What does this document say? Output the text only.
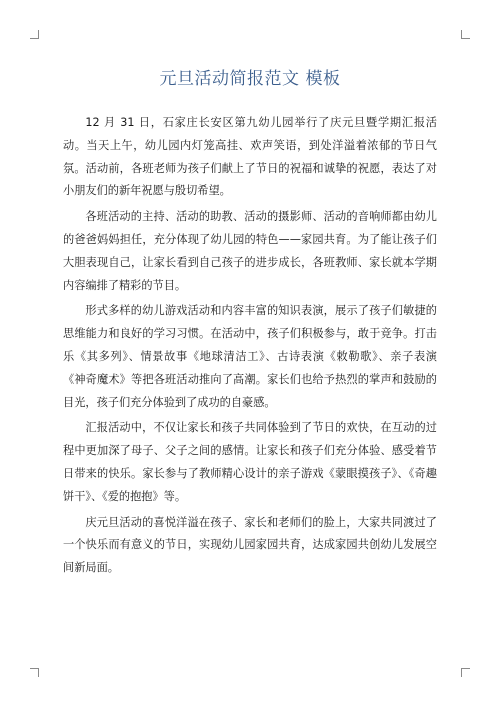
元旦活动简报范文 模板

12 月 31 日，石家庄长安区第九幼儿园举行了庆元旦暨学期汇报活动。当天上午，幼儿园内灯笼高挂、欢声笑语，到处洋溢着浓郁的节日气氛。活动前，各班老师为孩子们献上了节日的祝福和诚挚的祝愿，表达了对小朋友们的新年祝愿与殷切希望。

各班活动的主持、活动的助教、活动的摄影师、活动的音响师都由幼儿的爸爸妈妈担任，充分体现了幼儿园的特色——家园共育。为了能让孩子们大胆表现自己，让家长看到自己孩子的进步成长，各班教师、家长就本学期内容编排了精彩的节目。

形式多样的幼儿游戏活动和内容丰富的知识表演，展示了孩子们敏捷的思维能力和良好的学习习惯。在活动中，孩子们积极参与，敢于竞争。打击乐《其多列》、情景故事《地球清洁工》、古诗表演《敕勒歌》、亲子表演《神奇魔术》等把各班活动推向了高潮。家长们也给予热烈的掌声和鼓励的目光，孩子们充分体验到了成功的自豪感。

汇报活动中，不仅让家长和孩子共同体验到了节日的欢快，在互动的过程中更加深了母子、父子之间的感情。让家长和孩子们充分体验、感受着节日带来的快乐。家长参与了教师精心设计的亲子游戏《蒙眼摸孩子》、《奇趣饼干》、《爱的抱抱》等。

庆元旦活动的喜悦洋溢在孩子、家长和老师们的脸上，大家共同渡过了一个快乐而有意义的节日，实现幼儿园家园共育，达成家园共创幼儿发展空间新局面。
